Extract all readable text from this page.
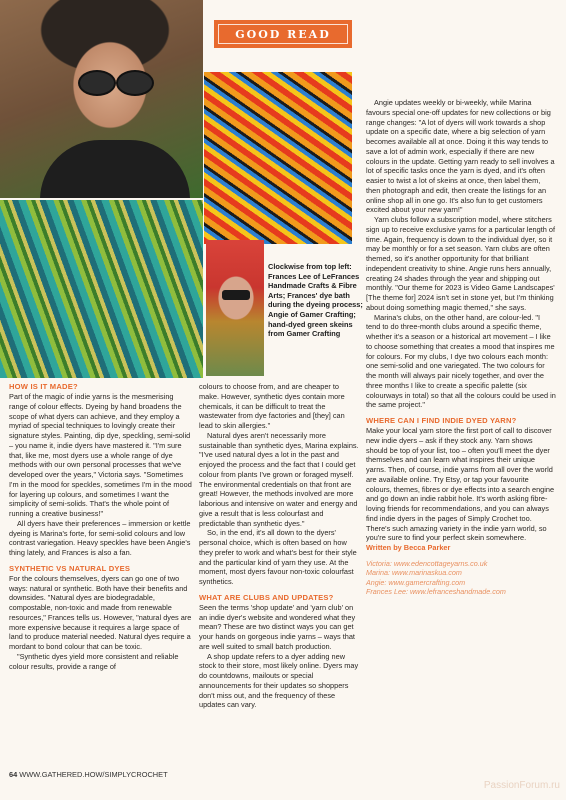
GOOD READ
Clockwise from top left: Frances Lee of LeFrances Handmade Crafts & Fibre Arts; Frances' dye bath during the dyeing process; Angie of Gamer Crafting; hand-dyed green skeins from Gamer Crafting
HOW IS IT MADE?

Part of the magic of indie yarns is the mesmerising range of colour effects. Dyeing by hand broadens the scope of what dyers can achieve, and they employ a myriad of special techniques to lovingly create their signature styles. Painting, dip dye, speckling, semi-solid – you name it, indie dyers have mastered it. "I'm sure that, like me, most dyers use a whole range of dye methods with our own personal processes that we've developed over the years," Victoria says. "Sometimes I'm in the mood for speckles, sometimes I'm in the mood for layering up colours, and sometimes I want the simplicity of semi-solids. That's the whole point of running a creative business!"

All dyers have their preferences – immersion or kettle dyeing is Marina's forte, for semi-solid colours and low contrast variegation. Heavy speckles have been Angie's thing lately, and Frances is also a fan.

SYNTHETIC VS NATURAL DYES

For the colours themselves, dyers can go one of two ways: natural or synthetic. Both have their benefits and downsides. "Natural dyes are biodegradable, compostable, non-toxic and made from renewable resources," Frances tells us. However, "natural dyes are more expensive because it requires a large space of land to produce material needed. Natural dyes require a mordant to bond colour that can be toxic.

"Synthetic dyes yield more consistent and reliable colour results, provide a range of

colours to choose from, and are cheaper to make. However, synthetic dyes contain more chemicals, it can be difficult to treat the wastewater from dye factories and [they] can lead to skin allergies."

Natural dyes aren't necessarily more sustainable than synthetic dyes, Marina explains. "I've used natural dyes a lot in the past and enjoyed the process and the fact that I could get colour from plants I've grown or foraged myself. The environmental credentials on that front are great! However, the methods involved are more laborious and intensive on water and energy and give a result that is less colourfast and predictable than synthetic dyes."

So, in the end, it's all down to the dyers' personal choice, which is often based on how they prefer to work and what's best for their style and the particular kind of yarn they use. At the moment, most dyers favour non-toxic colourfast synthetics.

WHAT ARE CLUBS AND UPDATES?

Seen the terms 'shop update' and 'yarn club' on an indie dyer's website and wondered what they mean? These are two distinct ways you can get your hands on gorgeous indie yarns – ways that are well suited to small batch production.

A shop update refers to a dyer adding new stock to their store, most likely online. Dyers may do countdowns, mailouts or special announcements for their updates so shoppers don't miss out, and the frequency of these updates can vary.

Angie updates weekly or bi-weekly, while Marina favours special one-off updates for new collections or big range changes: "A lot of dyers will work towards a shop update on a specific date, where a big selection of yarn becomes available all at once. Doing it this way tends to save a lot of admin work, especially if there are new colours in the update. Getting yarn ready to sell involves a lot of specific tasks once the yarn is dyed, and it's often easier to twist a lot of skeins at once, then label them, then photograph and edit, then create the listings for an online shop all in one go. It's also fun to get customers excited about your new yarn!"

Yarn clubs follow a subscription model, where stitchers sign up to receive exclusive yarns for a particular length of time. Again, frequency is down to the individual dyer, so it may be monthly or for a set season. Yarn clubs are often themed, so it's another opportunity for that brilliant independent creativity to shine. Angie runs hers annually, creating 24 shades through the year and shipping out monthly. "Our theme for 2023 is Video Game Landscapes' [The theme for] 2024 isn't set in stone yet, but I'm thinking about doing something magic themed," she says.

Marina's clubs, on the other hand, are colour-led. "I tend to do three-month clubs around a specific theme, whether it's a season or a historical art movement – I like to choose something that creates a mood that inspires me for colours. For my clubs, I dye two colours each month: one semi-solid and one variegated. The two colours for the month will always pair nicely together, and over the three months I like to create a specific palette (six colourways in total) so that all the colours could be used in the same project."

WHERE CAN I FIND INDIE DYED YARN?

Make your local yarn store the first port of call to discover new indie dyers – ask if they stock any. Yarn shows should be top of your list, too – often you'll meet the dyer themselves and can learn what inspires their unique yarns. Then, of course, indie yarns from all over the world are available online. Try Etsy, or tap your favourite colours, themes, fibres or dye effects into a search engine and go down an indie rabbit hole. It's worth asking fibre-loving friends for recommendations, and you can always find indie dyers in the pages of Simply Crochet too. There's such amazing variety in the indie yarn world, so you're sure to find your perfect skein somewhere.

Written by Becca Parker

Victoria: www.edencottageyarns.co.uk
Marina: www.marinaskua.com
Angie: www.gamercrafting.com
Frances Lee: www.lefranceshandmade.com
64 WWW.GATHERED.HOW/SIMPLYCROCHET
PassionForum.ru
